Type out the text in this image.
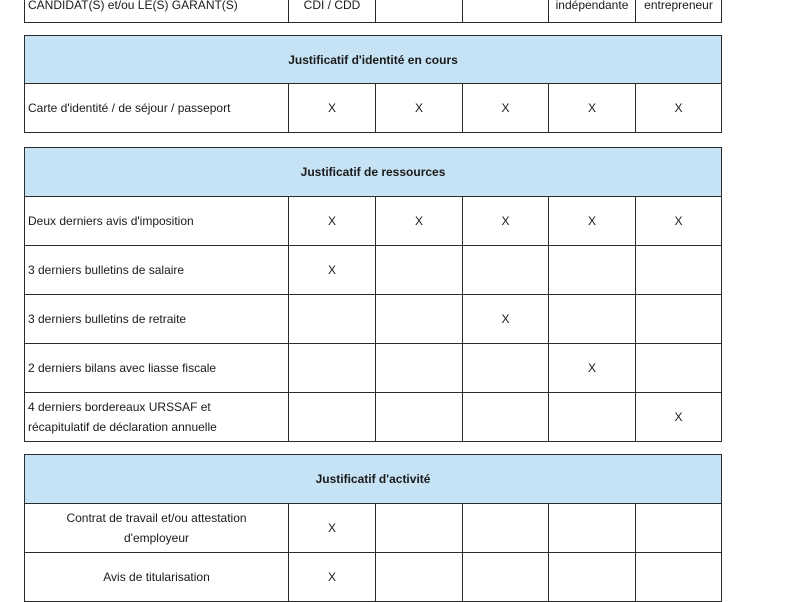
CANDIDAT(S) et/ou LE(S) GARANT(S)	CDI / CDD			indépendante	entrepreneur
Justificatif d'identité en cours
Carte d'identité / de séjour / passeport	X	X	X	X	X
Justificatif de ressources					
Deux derniers avis d'imposition	X	X	X	X	X
3 derniers bulletins de salaire	X				
3 derniers bulletins de retraite			X		
2 derniers bilans avec liasse fiscale				X	

4 derniers bordereaux URSSAF et
récapitulatif de déclaration annuelle					X
Justificatif d'activité					

Contrat de travail et/ou attestation
d'employeur	X				
Avis de titularisation	X				
